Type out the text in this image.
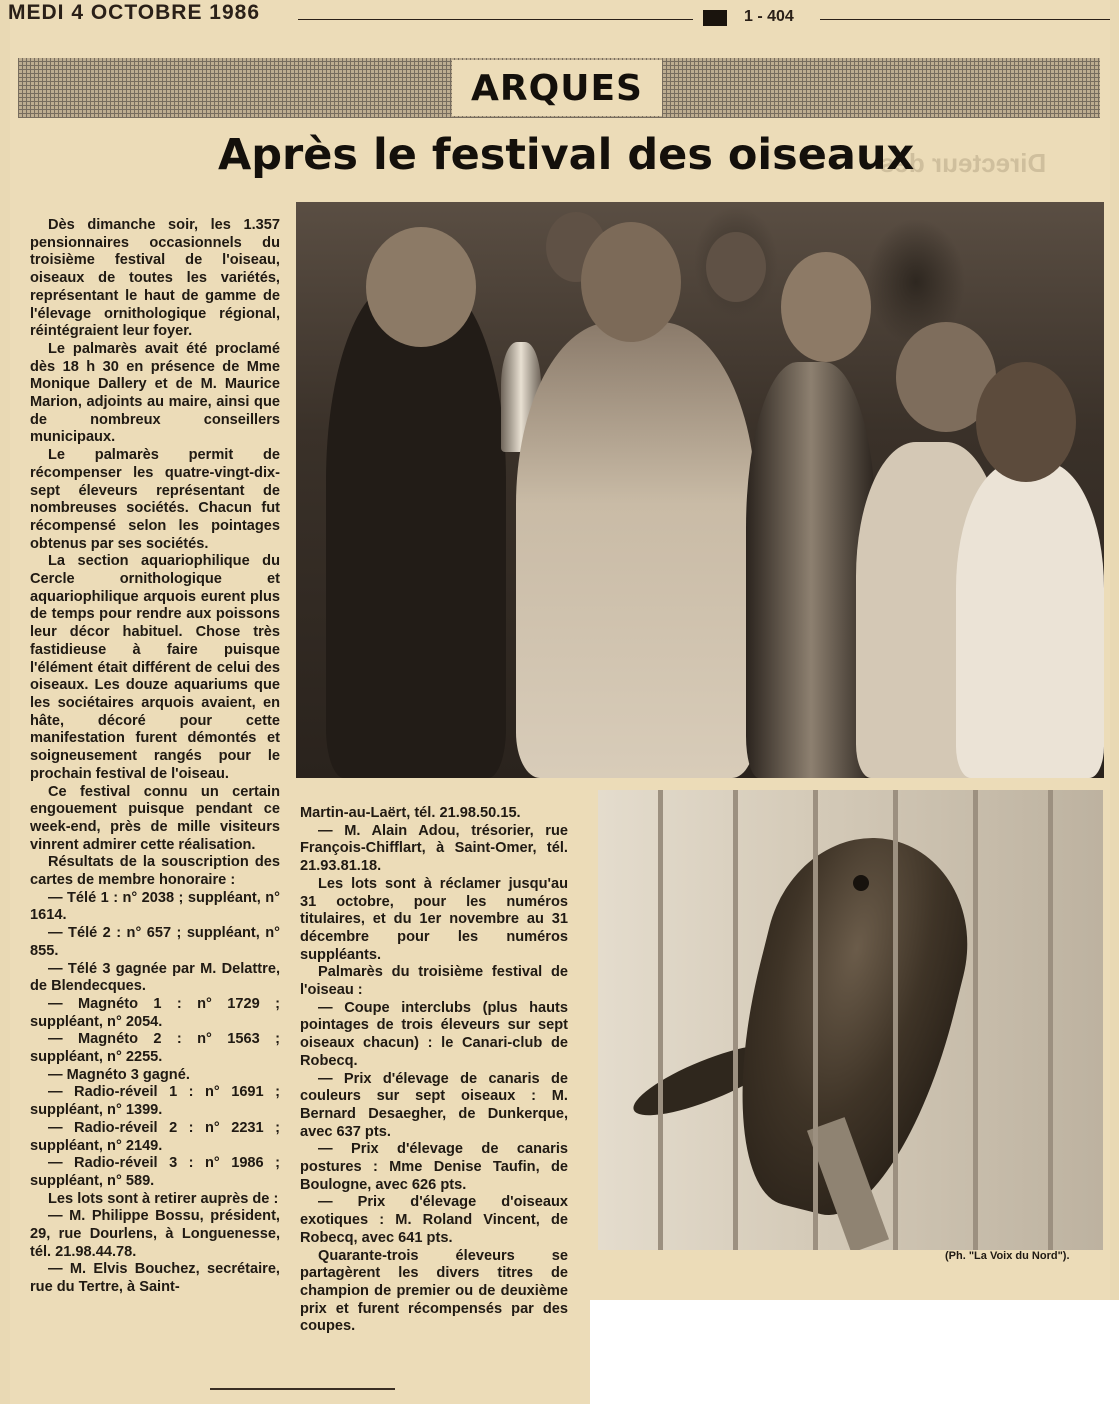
MEDI 4 OCTOBRE 1986	1 - 404
ARQUES
Directeur des
Après le festival des oiseaux

Dès dimanche soir, les 1.357 pensionnaires occasionnels du troisième festival de l'oiseau, oiseaux de toutes les variétés, représentant le haut de gamme de l'élevage ornithologique régional, réintégraient leur foyer.

Le palmarès avait été proclamé dès 18 h 30 en présence de Mme Monique Dallery et de M. Maurice Marion, adjoints au maire, ainsi que de nombreux conseillers municipaux.

Le palmarès permit de récompenser les quatre-vingt-dix-sept éleveurs représentant de nombreuses sociétés. Chacun fut récompensé selon les pointages obtenus par ses sociétés.

La section aquariophilique du Cercle ornithologique et aquariophilique arquois eurent plus de temps pour rendre aux poissons leur décor habituel. Chose très fastidieuse à faire puisque l'élément était différent de celui des oiseaux. Les douze aquariums que les sociétaires arquois avaient, en hâte, décoré pour cette manifestation furent démontés et soigneusement rangés pour le prochain festival de l'oiseau.

Ce festival connu un certain engouement puisque pendant ce week-end, près de mille visiteurs vinrent admirer cette réalisation.

Résultats de la souscription des cartes de membre honoraire :

— Télé 1 : n° 2038 ; suppléant, n° 1614.

— Télé 2 : n° 657 ; suppléant, n° 855.

— Télé 3 gagnée par M. Delattre, de Blendecques.

— Magnéto 1 : n° 1729 ; suppléant, n° 2054.

— Magnéto 2 : n° 1563 ; suppléant, n° 2255.

— Magnéto 3 gagné.

— Radio-réveil 1 : n° 1691 ; suppléant, n° 1399.

— Radio-réveil 2 : n° 2231 ; suppléant, n° 2149.

— Radio-réveil 3 : n° 1986 ; suppléant, n° 589.

Les lots sont à retirer auprès de :

— M. Philippe Bossu, président, 29, rue Dourlens, à Longuenesse, tél. 21.98.44.78.

— M. Elvis Bouchez, secrétaire, rue du Tertre, à Saint-

Martin-au-Laërt, tél. 21.98.50.15.

— M. Alain Adou, trésorier, rue François-Chifflart, à Saint-Omer, tél. 21.93.81.18.

Les lots sont à réclamer jusqu'au 31 octobre, pour les numéros titulaires, et du 1er novembre au 31 décembre pour les numéros suppléants.

Palmarès du troisième festival de l'oiseau :

— Coupe interclubs (plus hauts pointages de trois éleveurs sur sept oiseaux chacun) : le Canari-club de Robecq.

— Prix d'élevage de canaris de couleurs sur sept oiseaux : M. Bernard Desaegher, de Dunkerque, avec 637 pts.

— Prix d'élevage de canaris postures : Mme Denise Taufin, de Boulogne, avec 626 pts.

— Prix d'élevage d'oiseaux exotiques : M. Roland Vincent, de Robecq, avec 641 pts.

Quarante-trois éleveurs se partagèrent les divers titres de champion de premier ou de deuxième prix et furent récompensés par des coupes.

(Ph. "La Voix du Nord").
